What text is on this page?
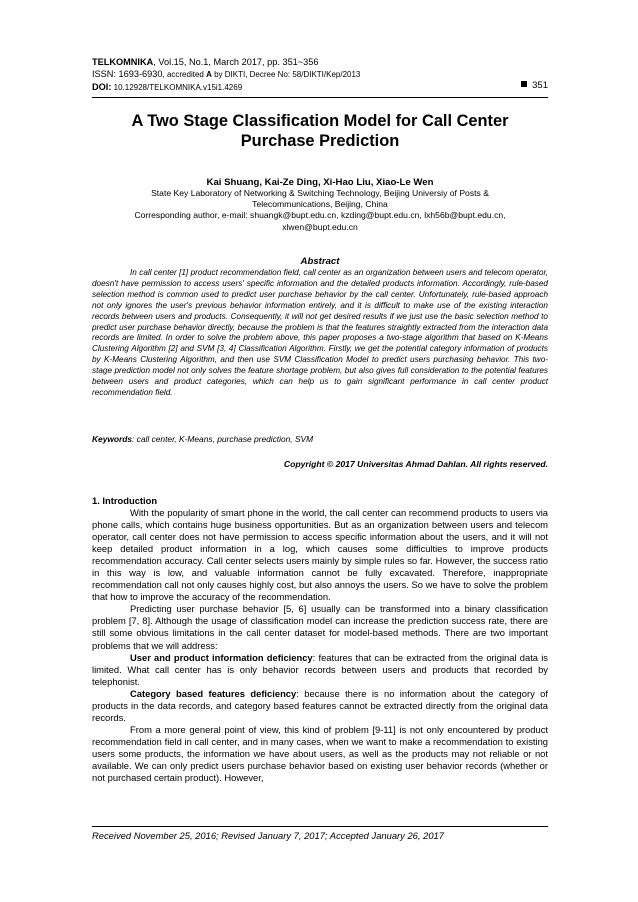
TELKOMNIKA, Vol.15, No.1, March 2017, pp. 351~356
ISSN: 1693-6930, accredited A by DIKTI, Decree No: 58/DIKTI/Kep/2013
DOI: 10.12928/TELKOMNIKA.v15i1.4269	351
A Two Stage Classification Model for Call Center
Purchase Prediction
Kai Shuang, Kai-Ze Ding, Xi-Hao Liu, Xiao-Le Wen
State Key Laboratory of Networking & Switching Technology, Beijing Universiy of Posts &
Telecommunications, Beijing, China
Corresponding author, e-mail: shuangk@bupt.edu.cn, kzding@bupt.edu.cn, lxh56b@bupt.edu.cn,
xlwen@bupt.edu.cn
Abstract
In call center [1] product recommendation field, call center as an organization between users and telecom operator, doesn't have permission to access users' specific information and the detailed products information. Accordingly, rule-based selection method is common used to predict user purchase behavior by the call center. Unfortunately, rule-based approach not only ignores the user's previous behavior information entirely, and it is difficult to make use of the existing interaction records between users and products. Consequently, it will not get desired results if we just use the basic selection method to predict user purchase behavior directly, because the problem is that the features straightly extracted from the interaction data records are limited. In order to solve the problem above, this paper proposes a two-stage algorithm that based on K-Means Clustering Algorithm [2] and SVM [3, 4] Classification Algorithm. Firstly, we get the potential category information of products by K-Means Clustering Algorithm, and then use SVM Classification Model to predict users purchasing behavior. This two-stage prediction model not only solves the feature shortage problem, but also gives full consideration to the potential features between users and product categories, which can help us to gain significant performance in call center product recommendation field.
Keywords: call center, K-Means, purchase prediction, SVM
Copyright © 2017 Universitas Ahmad Dahlan. All rights reserved.
1. Introduction

With the popularity of smart phone in the world, the call center can recommend products to users via phone calls, which contains huge business opportunities. But as an organization between users and telecom operator, call center does not have permission to access specific information about the users, and it will not keep detailed product information in a log, which causes some difficulties to improve products recommendation accuracy. Call center selects users mainly by simple rules so far. However, the success ratio in this way is low, and valuable information cannot be fully excavated. Therefore, inappropriate recommendation call not only causes highly cost, but also annoys the users. So we have to solve the problem that how to improve the accuracy of the recommendation.

Predicting user purchase behavior [5, 6] usually can be transformed into a binary classification problem [7, 8]. Although the usage of classification model can increase the prediction success rate, there are still some obvious limitations in the call center dataset for model-based methods. There are two important problems that we will address:

User and product information deficiency: features that can be extracted from the original data is limited. What call center has is only behavior records between users and products that recorded by telephonist.

Category based features deficiency: because there is no information about the category of products in the data records, and category based features cannot be extracted directly from the original data records.

From a more general point of view, this kind of problem [9-11] is not only encountered by product recommendation field in call center, and in many cases, when we want to make a recommendation to existing users some products, the information we have about users, as well as the products may not reliable or not available. We can only predict users purchase behavior based on existing user behavior records (whether or not purchased certain product). However,

Received November 25, 2016; Revised January 7, 2017; Accepted January 26, 2017
